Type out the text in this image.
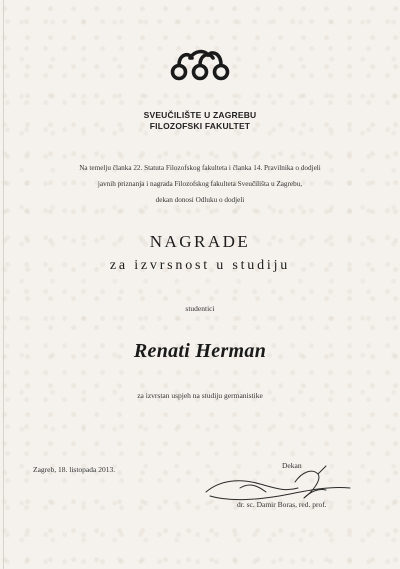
SVEUČILIŠTE U ZAGREBU
FILOZOFSKI FAKULTET
Na temelju članka 22. Statuta Filozofskog fakulteta i članka 14. Pravilnika o dodjeli
javnih priznanja i nagrada Filozofskog fakulteta Sveučilišta u Zagrebu,
dekan donosi Odluku o dodjeli
NAGRADE
za izvrsnost u studiju
studentici
Renati Herman
za izvrstan uspjeh na studiju germanistike
Zagreb, 18. listopada 2013.	Dekan
dr. sc. Damir Boras, red. prof.
